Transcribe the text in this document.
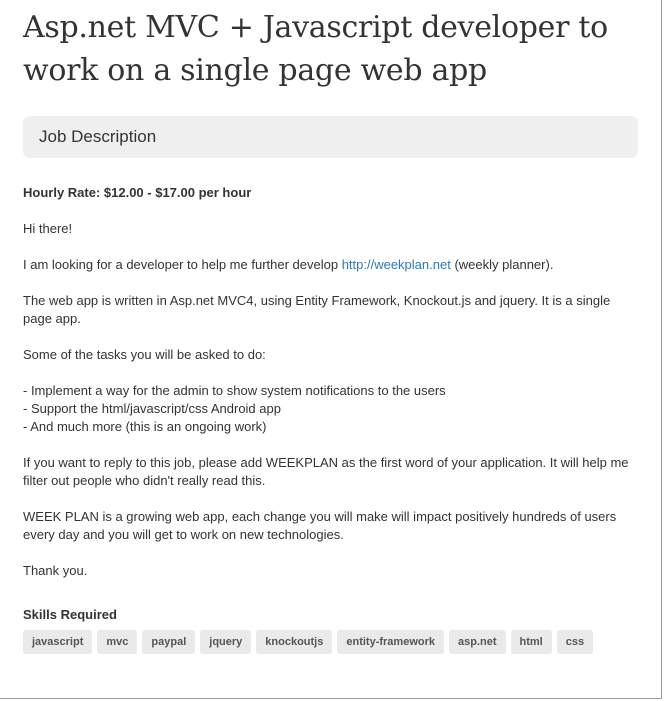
Asp.net MVC + Javascript developer to
work on a single page web app
Job Description

Hourly Rate: $12.00 - $17.00 per hour

Hi there!

I am looking for a developer to help me further develop http://weekplan.net (weekly planner).

The web app is written in Asp.net MVC4, using Entity Framework, Knockout.js and jquery. It is a single page app.

Some of the tasks you will be asked to do:

- Implement a way for the admin to show system notifications to the users
- Support the html/javascript/css Android app
- And much more (this is an ongoing work)

If you want to reply to this job, please add WEEKPLAN as the first word of your application. It will help me filter out people who didn't really read this.

WEEK PLAN is a growing web app, each change you will make will impact positively hundreds of users every day and you will get to work on new technologies.

Thank you.

Skills Required
javascript	mvc	paypal	jquery	knockoutjs	entity-framework	asp.net	html	css
